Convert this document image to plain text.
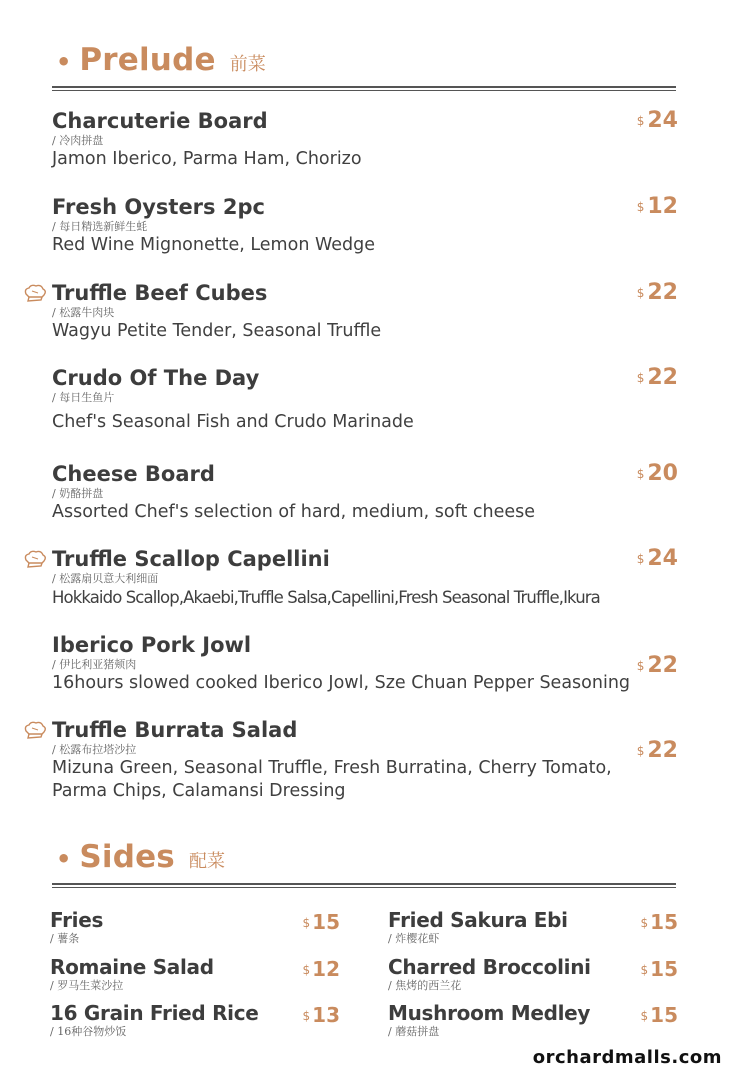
• Prelude 前菜
Charcuterie Board
/ 冷肉拼盘
Jamon Iberico, Parma Ham, Chorizo
$ 24
Fresh Oysters 2pc
/ 每日精选新鲜生蚝
Red Wine Mignonette, Lemon Wedge
$ 12
Truffle Beef Cubes
/ 松露牛肉块
Wagyu Petite Tender, Seasonal Truffle
$ 22
Crudo Of The Day
/ 每日生鱼片
Chef's Seasonal Fish and Crudo Marinade
$ 22
Cheese Board
/ 奶酪拼盘
Assorted Chef's selection of hard, medium, soft cheese
$ 20
Truffle Scallop Capellini
/ 松露扇贝意大利细面
Hokkaido Scallop,Akaebi,Truffle Salsa,Capellini,Fresh Seasonal Truffle,Ikura
$ 24
Iberico Pork Jowl
/ 伊比利亚猪颊肉
16hours slowed cooked Iberico Jowl, Sze Chuan Pepper Seasoning
$ 22
Truffle Burrata Salad
/ 松露布拉塔沙拉
Mizuna Green, Seasonal Truffle, Fresh Burratina, Cherry Tomato,
Parma Chips, Calamansi Dressing
$ 22
• Sides 配菜
Fries
/ 薯条
$ 15 Fried Sakura Ebi
/ 炸樱花虾
$ 15
Romaine Salad
/ 罗马生菜沙拉
$ 12 Charred Broccolini
/ 焦烤的西兰花
$ 15
16 Grain Fried Rice
/ 16种谷物炒饭
$ 13 Mushroom Medley
/ 蘑菇拼盘
$ 15
orchardmalls.com
